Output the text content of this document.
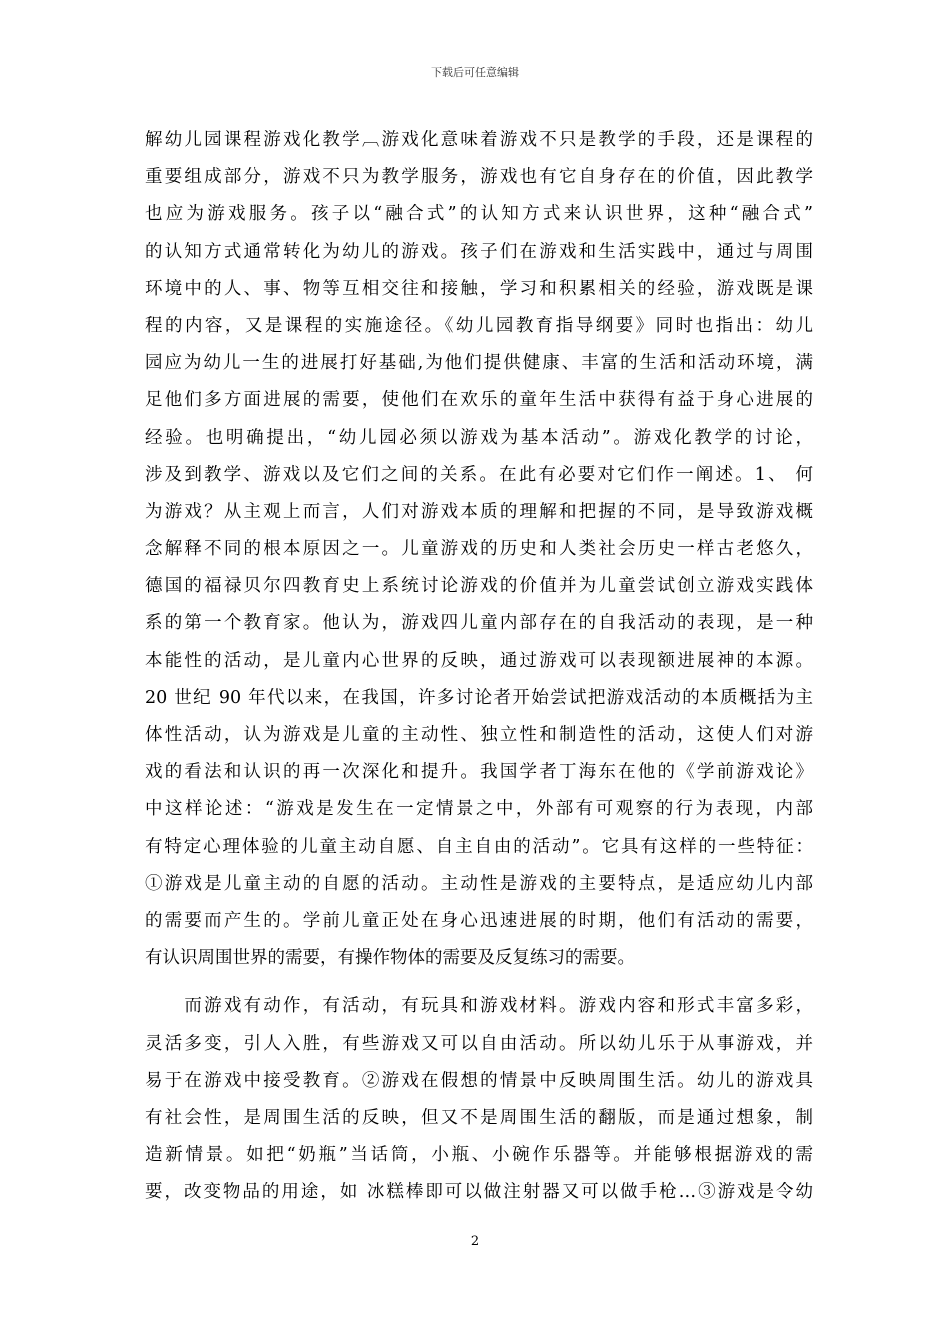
下载后可任意编辑
解幼儿园课程游戏化教学︹游戏化意味着游戏不只是教学的手段，还是课程的
重要组成部分，游戏不只为教学服务，游戏也有它自身存在的价值，因此教学
也应为游戏服务。孩子以“融合式”的认知方式来认识世界，这种“融合式”
的认知方式通常转化为幼儿的游戏。孩子们在游戏和生活实践中，通过与周围
环境中的人、事、物等互相交往和接触，学习和积累相关的经验，游戏既是课
程的内容，又是课程的实施途径。《幼儿园教育指导纲要》同时也指出：幼儿
园应为幼儿一生的进展打好基础,为他们提供健康、丰富的生活和活动环境，满
足他们多方面进展的需要，使他们在欢乐的童年生活中获得有益于身心进展的
经验。也明确提出，“幼儿园必须以游戏为基本活动”。游戏化教学的讨论，
涉及到教学、游戏以及它们之间的关系。在此有必要对它们作一阐述。1、 何
为游戏？从主观上而言，人们对游戏本质的理解和把握的不同，是导致游戏概
念解释不同的根本原因之一。儿童游戏的历史和人类社会历史一样古老悠久，
德国的福禄贝尔四教育史上系统讨论游戏的价值并为儿童尝试创立游戏实践体
系的第一个教育家。他认为，游戏四儿童内部存在的自我活动的表现，是一种
本能性的活动，是儿童内心世界的反映，通过游戏可以表现额进展神的本源。
20 世纪 90 年代以来，在我国，许多讨论者开始尝试把游戏活动的本质概括为主
体性活动，认为游戏是儿童的主动性、独立性和制造性的活动，这使人们对游
戏的看法和认识的再一次深化和提升。我国学者丁海东在他的《学前游戏论》
中这样论述：“游戏是发生在一定情景之中，外部有可观察的行为表现，内部
有特定心理体验的儿童主动自愿、自主自由的活动”。它具有这样的一些特征：
①游戏是儿童主动的自愿的活动。主动性是游戏的主要特点，是适应幼儿内部
的需要而产生的。学前儿童正处在身心迅速进展的时期，他们有活动的需要，
有认识周围世界的需要，有操作物体的需要及反复练习的需要。
　　而游戏有动作，有活动，有玩具和游戏材料。游戏内容和形式丰富多彩，
灵活多变，引人入胜，有些游戏又可以自由活动。所以幼儿乐于从事游戏，并
易于在游戏中接受教育。②游戏在假想的情景中反映周围生活。幼儿的游戏具
有社会性，是周围生活的反映，但又不是周围生活的翻版，而是通过想象，制
造新情景。如把“奶瓶”当话筒，小瓶、小碗作乐器等。并能够根据游戏的需
要，改变物品的用途，如 冰糕棒即可以做注射器又可以做手枪…③游戏是令幼
2
